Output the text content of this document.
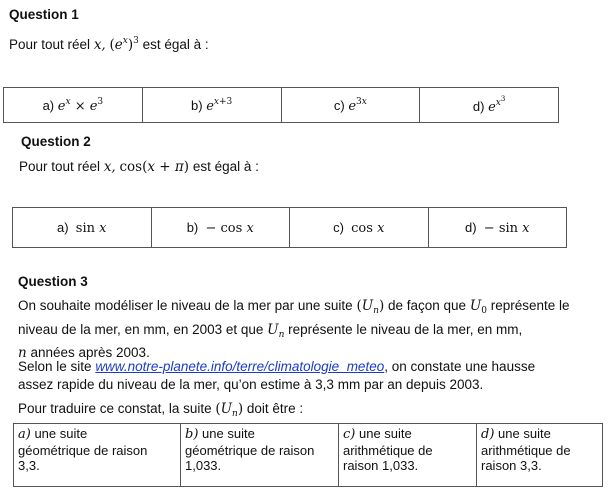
Question 1
Pour tout réel x, $(e^x)^3$ est égal à :
a) $e^x \times e^3$	b) $e^{x+3}$	c) $e^{3x}$	d) $e^{x^3}$
Question 2
Pour tout réel x, cos(x + π) est égal à :
a) sin x	b) − cos x	c) cos x	d) − sin x
Question 3
On souhaite modéliser le niveau de la mer par une suite $(U_n)$ de façon que $U_0$ représente le
niveau de la mer, en mm, en 2003 et que $U_n$ représente le niveau de la mer, en mm,
n années après 2003.
Selon le site www.notre-planete.info/terre/climatologie_meteo, on constate une hausse
assez rapide du niveau de la mer, qu’on estime à 3,3 mm par an depuis 2003.
Pour traduire ce constat, la suite $(U_n)$ doit être :
a) une suite
géométrique de raison
3,3.	b) une suite
géométrique de raison
1,033.	c) une suite
arithmétique de
raison 1,033.	d) une suite
arithmétique de
raison 3,3.
